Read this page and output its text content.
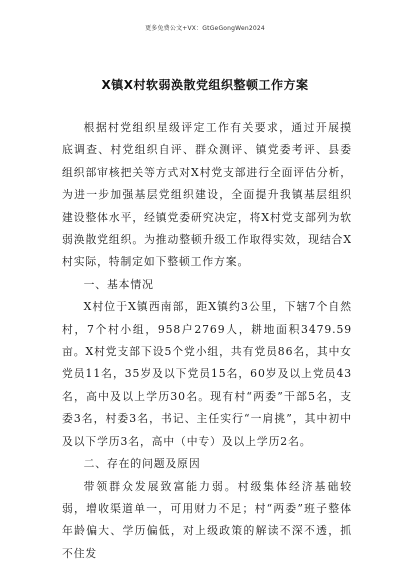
更多免费公文+VX：GtGeGongWen2024
X镇X村软弱涣散党组织整顿工作方案

根据村党组织星级评定工作有关要求，通过开展摸底调查、村党组织自评、群众测评、镇党委考评、县委组织部审核把关等方式对X村党支部进行全面评估分析，为进一步加强基层党组织建设，全面提升我镇基层组织建设整体水平，经镇党委研究决定，将X村党支部列为软弱涣散党组织。为推动整顿升级工作取得实效，现结合X村实际，特制定如下整顿工作方案。

一、基本情况

X村位于X镇西南部，距X镇约3公里，下辖7个自然村，7个村小组，958户2769人，耕地面积3479.59亩。X村党支部下设5个党小组，共有党员86名，其中女党员11名，35岁及以下党员15名，60岁及以上党员43名，高中及以上学历30名。现有村“两委”干部5名，支委3名，村委3名，书记、主任实行“一肩挑”，其中初中及以下学历3名，高中（中专）及以上学历2名。

二、存在的问题及原因

带领群众发展致富能力弱。村级集体经济基础较弱，增收渠道单一，可用财力不足；村“两委”班子整体年龄偏大、学历偏低，对上级政策的解读不深不透，抓不住发
